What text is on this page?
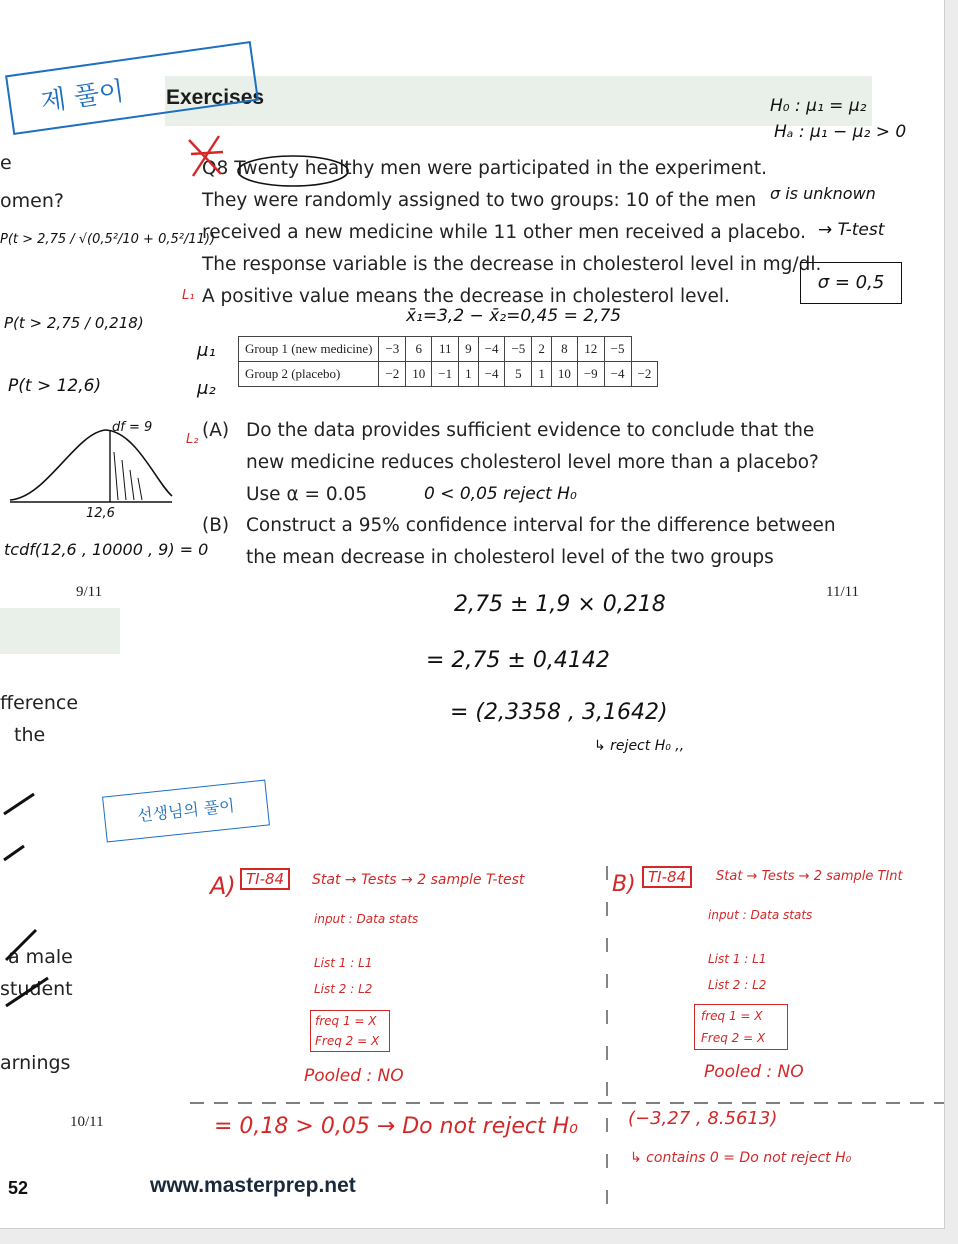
Exercises
제 풀이	H₀ : μ₁ = μ₂
Hₐ : μ₁ − μ₂ > 0
Q8 Twenty healthy men were participated in the experiment.
They were randomly assigned to two groups: 10 of the men
received a new medicine while 11 other men received a placebo.
The response variable is the decrease in cholesterol level in mg/dl.
A positive value means the decrease in cholesterol level.
σ is unknown
→ T-test
σ = 0,5
x̄₁=3,2 − x̄₂=0,45 = 2,75
μ₁
μ₂
L₁
L₂
Group 1 (new medicine)	−3	6	11	9	−4	−5	2	8	12	−5	
Group 2 (placebo)	−2	10	−1	1	−4	5	1	10	−9	−4	−2
(A) Do the data provides sufficient evidence to conclude that the
new medicine reduces cholesterol level more than a placebo?
Use α = 0.05	0 < 0,05 reject H₀
(B) Construct a 95% confidence interval for the difference between
the mean decrease in cholesterol level of the two groups
9/11	11/11
2,75 ± 1,9 × 0,218
= 2,75 ± 0,4142
= (2,3358 , 3,1642)
↳ reject H₀ ,,
e
omen?
fference
the
a male
student
arnings
P(t > 2,75 / √(0,5²/10 + 0,5²/11))
P(t > 2,75 / 0,218)
P(t > 12,6)
df = 9
12,6
tcdf(12,6 , 10000 , 9) = 0
10/11
52	www.masterprep.net
선생님의 풀이
A) TI-84	Stat → Tests → 2 sample T-test
input : Data stats
List 1 : L1
List 2 : L2
freq 1 = X
Freq 2 = X
Pooled : NO
= 0,18 > 0,05 → Do not reject H₀
B) TI-84	Stat → Tests → 2 sample TInt
input : Data stats
List 1 : L1
List 2 : L2
freq 1 = X
Freq 2 = X
Pooled : NO
(−3,27 , 8.5613)
↳ contains 0 = Do not reject H₀
